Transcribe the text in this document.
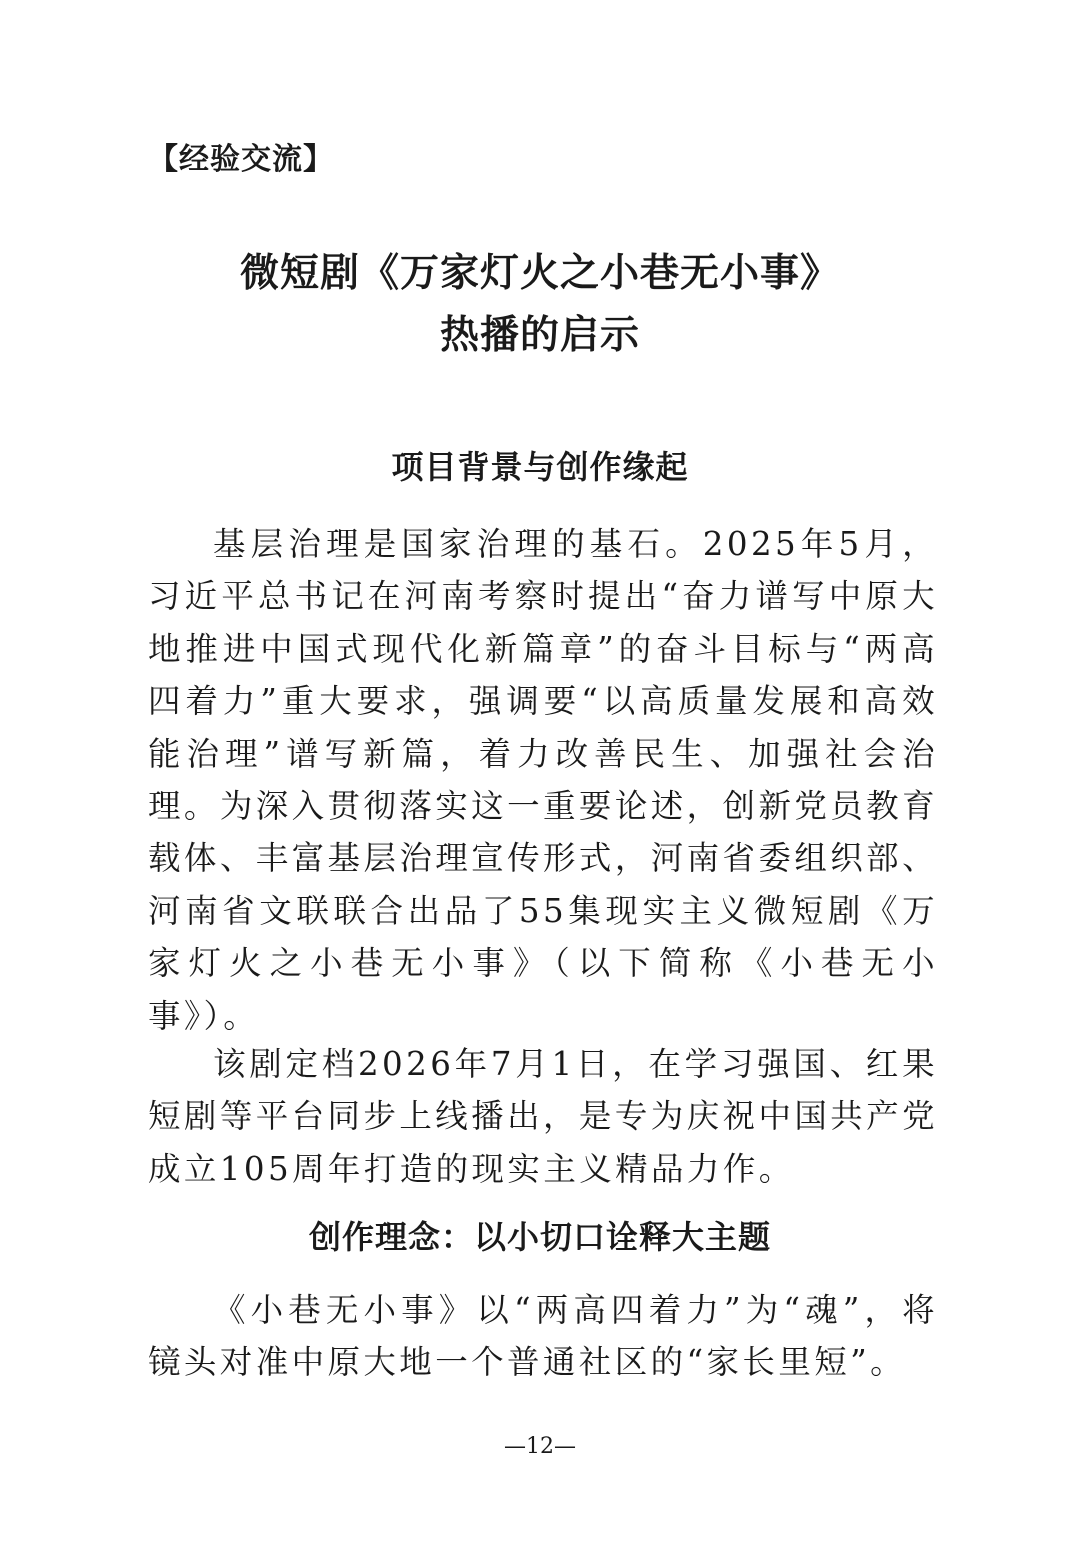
【经验交流】
微短剧《万家灯火之小巷无小事》
热播的启示
项目背景与创作缘起

基层治理是国家治理的基石。2025年5月，习近平总书记在河南考察时提出“奋力谱写中原大地推进中国式现代化新篇章”的奋斗目标与“两高四着力”重大要求，强调要“以高质量发展和高效能治理”谱写新篇，着力改善民生、加强社会治理。为深入贯彻落实这一重要论述，创新党员教育载体、丰富基层治理宣传形式，河南省委组织部、河南省文联联合出品了55集现实主义微短剧《万家灯火之小巷无小事》（以下简称《小巷无小事》）。

该剧定档2026年7月1日，在学习强国、红果短剧等平台同步上线播出，是专为庆祝中国共产党成立105周年打造的现实主义精品力作。

创作理念：以小切口诠释大主题

《小巷无小事》以“两高四着力”为“魂”，将镜头对准中原大地一个普通社区的“家长里短”。

—12—
